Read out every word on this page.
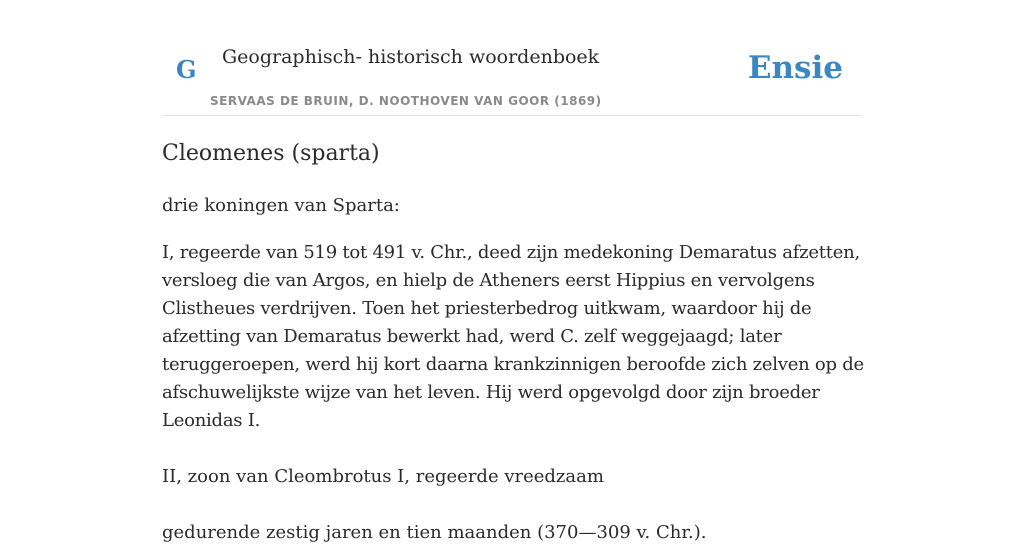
G Geographisch- historisch woordenboek
SERVAAS DE BRUIN, D. NOOTHOVEN VAN GOOR (1869)
Ensie
Cleomenes (sparta)

drie koningen van Sparta:

I, regeerde van 519 tot 491 v. Chr., deed zijn medekoning Demaratus afzetten, versloeg die van Argos, en hielp de Atheners eerst Hippius en vervolgens Clistheues verdrijven. Toen het priesterbedrog uitkwam, waardoor hij de afzetting van Demaratus bewerkt had, werd C. zelf weggejaagd; later teruggeroepen, werd hij kort daarna krankzinnigen beroofde zich zelven op de afschuwelijkste wijze van het leven. Hij werd opgevolgd door zijn broeder Leonidas I.

II, zoon van Cleombrotus I, regeerde vreedzaam

gedurende zestig jaren en tien maanden (370—309 v. Chr.).
